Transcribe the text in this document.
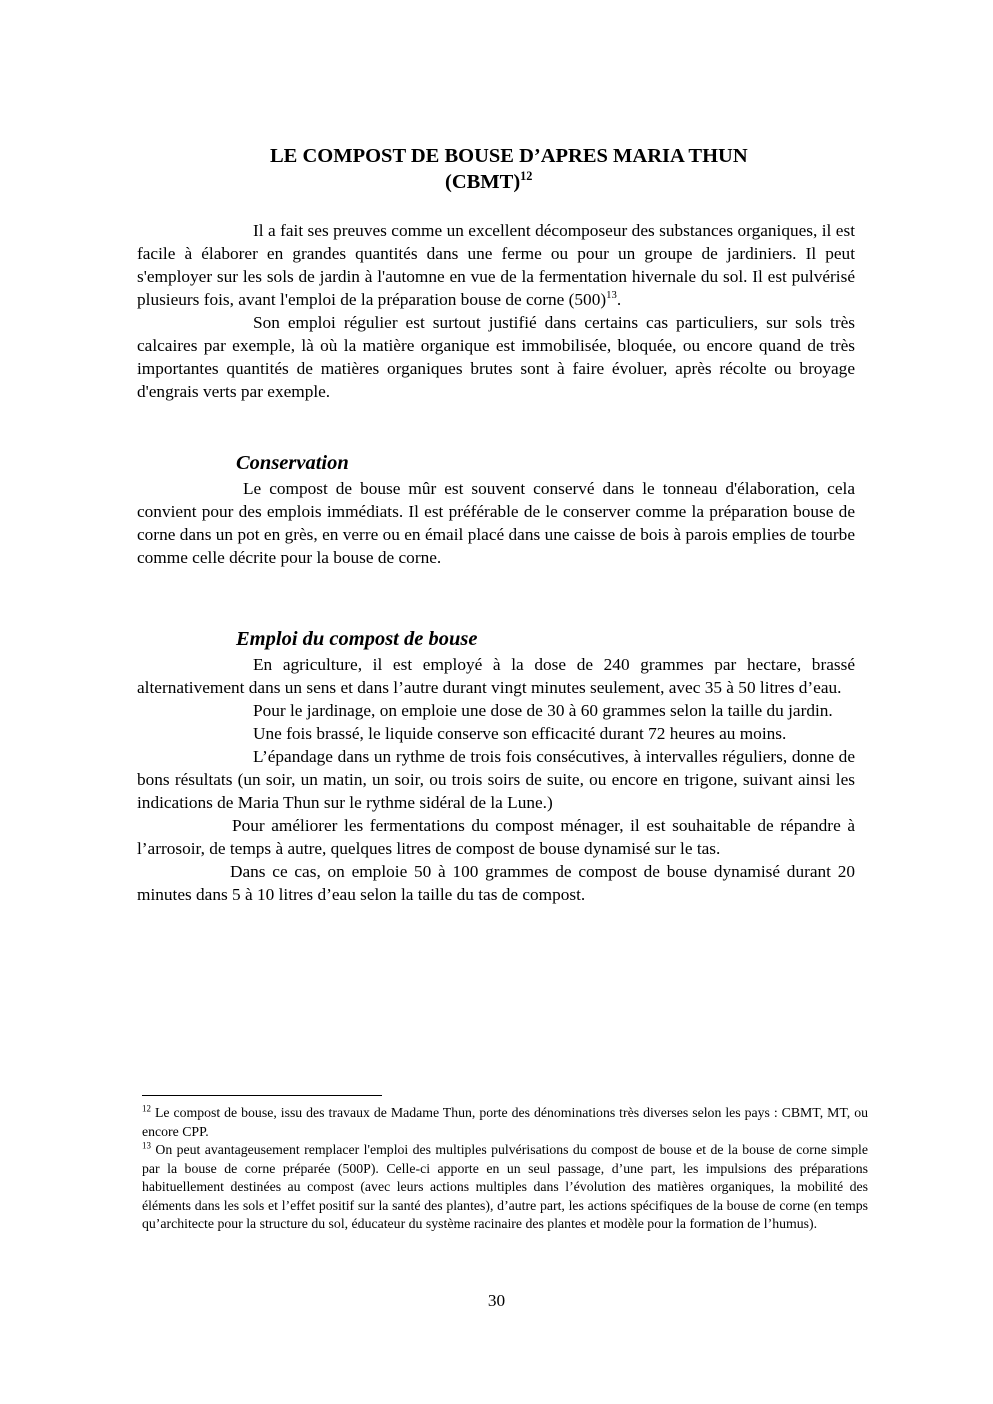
LE COMPOST DE BOUSE D’APRES MARIA THUN
(CBMT)$^{12}$

Il a fait ses preuves comme un excellent décomposeur des substances organiques, il est facile à élaborer en grandes quantités dans une ferme ou pour un groupe de jardiniers. Il peut s'employer sur les sols de jardin à l'automne en vue de la fermentation hivernale du sol. Il est pulvérisé plusieurs fois, avant l'emploi de la préparation bouse de corne $(500)^{13}$.

Son emploi régulier est surtout justifié dans certains cas particuliers, sur sols très calcaires par exemple, là où la matière organique est immobilisée, bloquée, ou encore quand de très importantes quantités de matières organiques brutes sont à faire évoluer, après récolte ou broyage d'engrais verts par exemple.

Conservation

Le compost de bouse mûr est souvent conservé dans le tonneau d'élaboration, cela convient pour des emplois immédiats. Il est préférable de le conserver comme la préparation bouse de corne dans un pot en grès, en verre ou en émail placé dans une caisse de bois à parois emplies de tourbe comme celle décrite pour la bouse de corne.

Emploi du compost de bouse

En agriculture, il est employé à la dose de 240 grammes par hectare, brassé alternativement dans un sens et dans l’autre durant vingt minutes seulement, avec 35 à 50 litres d’eau.

Pour le jardinage, on emploie une dose de 30 à 60 grammes selon la taille du jardin.

Une fois brassé, le liquide conserve son efficacité durant 72 heures au moins.

L’épandage dans un rythme de trois fois consécutives, à intervalles réguliers, donne de bons résultats (un soir, un matin, un soir, ou trois soirs de suite, ou encore en trigone, suivant ainsi les indications de Maria Thun sur le rythme sidéral de la Lune.)

Pour améliorer les fermentations du compost ménager, il est souhaitable de répandre à l’arrosoir, de temps à autre, quelques litres de compost de bouse dynamisé sur le tas.

Dans ce cas, on emploie 50 à 100 grammes de compost de bouse dynamisé durant 20 minutes dans 5 à 10 litres d’eau selon la taille du tas de compost.

$^{12}$ Le compost de bouse, issu des travaux de Madame Thun, porte des dénominations très diverses selon les pays : CBMT, MT, ou encore CPP.

$^{13}$ On peut avantageusement remplacer l'emploi des multiples pulvérisations du compost de bouse et de la bouse de corne simple par la bouse de corne préparée (500P). Celle-ci apporte en un seul passage, d’une part, les impulsions des préparations habituellement destinées au compost (avec leurs actions multiples dans l’évolution des matières organiques, la mobilité des éléments dans les sols et l’effet positif sur la santé des plantes), d’autre part, les actions spécifiques de la bouse de corne (en temps qu’architecte pour la structure du sol, éducateur du système racinaire des plantes et modèle pour la formation de l’humus).

30
